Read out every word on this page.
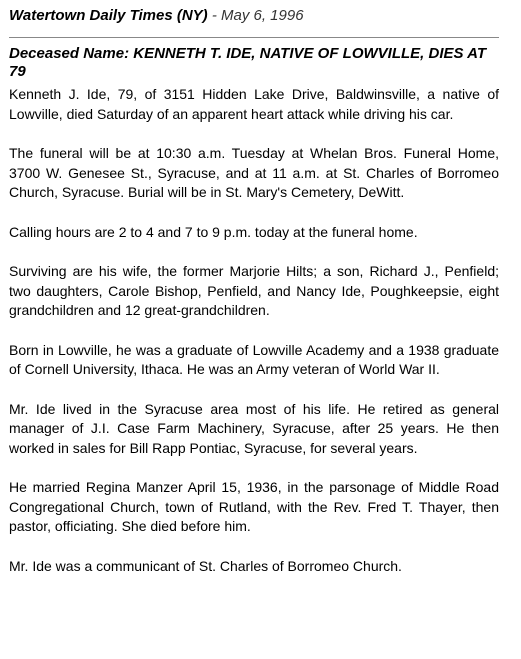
Watertown Daily Times (NY) - May 6, 1996
Deceased Name: KENNETH T. IDE, NATIVE OF LOWVILLE, DIES AT 79

Kenneth J. Ide, 79, of 3151 Hidden Lake Drive, Baldwinsville, a native of Lowville, died Saturday of an apparent heart attack while driving his car.

The funeral will be at 10:30 a.m. Tuesday at Whelan Bros. Funeral Home, 3700 W. Genesee St., Syracuse, and at 11 a.m. at St. Charles of Borromeo Church, Syracuse. Burial will be in St. Mary's Cemetery, DeWitt.

Calling hours are 2 to 4 and 7 to 9 p.m. today at the funeral home.

Surviving are his wife, the former Marjorie Hilts; a son, Richard J., Penfield; two daughters, Carole Bishop, Penfield, and Nancy Ide, Poughkeepsie, eight grandchildren and 12 great-grandchildren.

Born in Lowville, he was a graduate of Lowville Academy and a 1938 graduate of Cornell University, Ithaca. He was an Army veteran of World War II.

Mr. Ide lived in the Syracuse area most of his life. He retired as general manager of J.I. Case Farm Machinery, Syracuse, after 25 years. He then worked in sales for Bill Rapp Pontiac, Syracuse, for several years.

He married Regina Manzer April 15, 1936, in the parsonage of Middle Road Congregational Church, town of Rutland, with the Rev. Fred T. Thayer, then pastor, officiating. She died before him.

Mr. Ide was a communicant of St. Charles of Borromeo Church.
